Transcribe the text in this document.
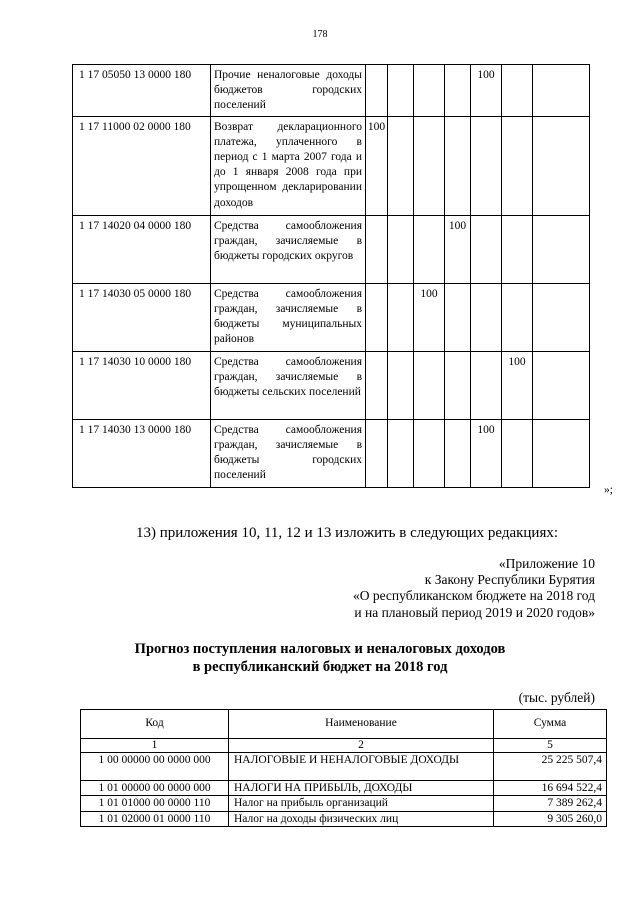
178
1 17 05050 13 0000 180	Прочие неналоговые доходы бюджетов городских поселений					100		
1 17 11000 02 0000 180	Возврат декларационного платежа, уплаченного в период с 1 марта 2007 года и до 1 января 2008 года при упрощенном декларировании доходов	100						
1 17 14020 04 0000 180	Средства самообложения граждан, зачисляемые в бюджеты городских округов				100			
1 17 14030 05 0000 180	Средства самообложения граждан, зачисляемые в бюджеты муниципальных районов			100				
1 17 14030 10 0000 180	Средства самообложения граждан, зачисляемые в бюджеты сельских поселений						100	
1 17 14030 13 0000 180	Средства самообложения граждан, зачисляемые в бюджеты городских поселений					100		
»;
13) приложения 10, 11, 12 и 13 изложить в следующих редакциях:
«Приложение 10
к Закону Республики Бурятия
«О республиканском бюджете на 2018 год
и на плановый период 2019 и 2020 годов»
Прогноз поступления налоговых и неналоговых доходов
в республиканский бюджет на 2018 год
(тыс. рублей)
Код	Наименование	Сумма
1	2	5
1 00 00000 00 0000 000	НАЛОГОВЫЕ И НЕНАЛОГОВЫЕ ДОХОДЫ	25 225 507,4
1 01 00000 00 0000 000	НАЛОГИ НА ПРИБЫЛЬ, ДОХОДЫ	16 694 522,4
1 01 01000 00 0000 110	Налог на прибыль организаций	7 389 262,4
1 01 02000 01 0000 110	Налог на доходы физических лиц	9 305 260,0
